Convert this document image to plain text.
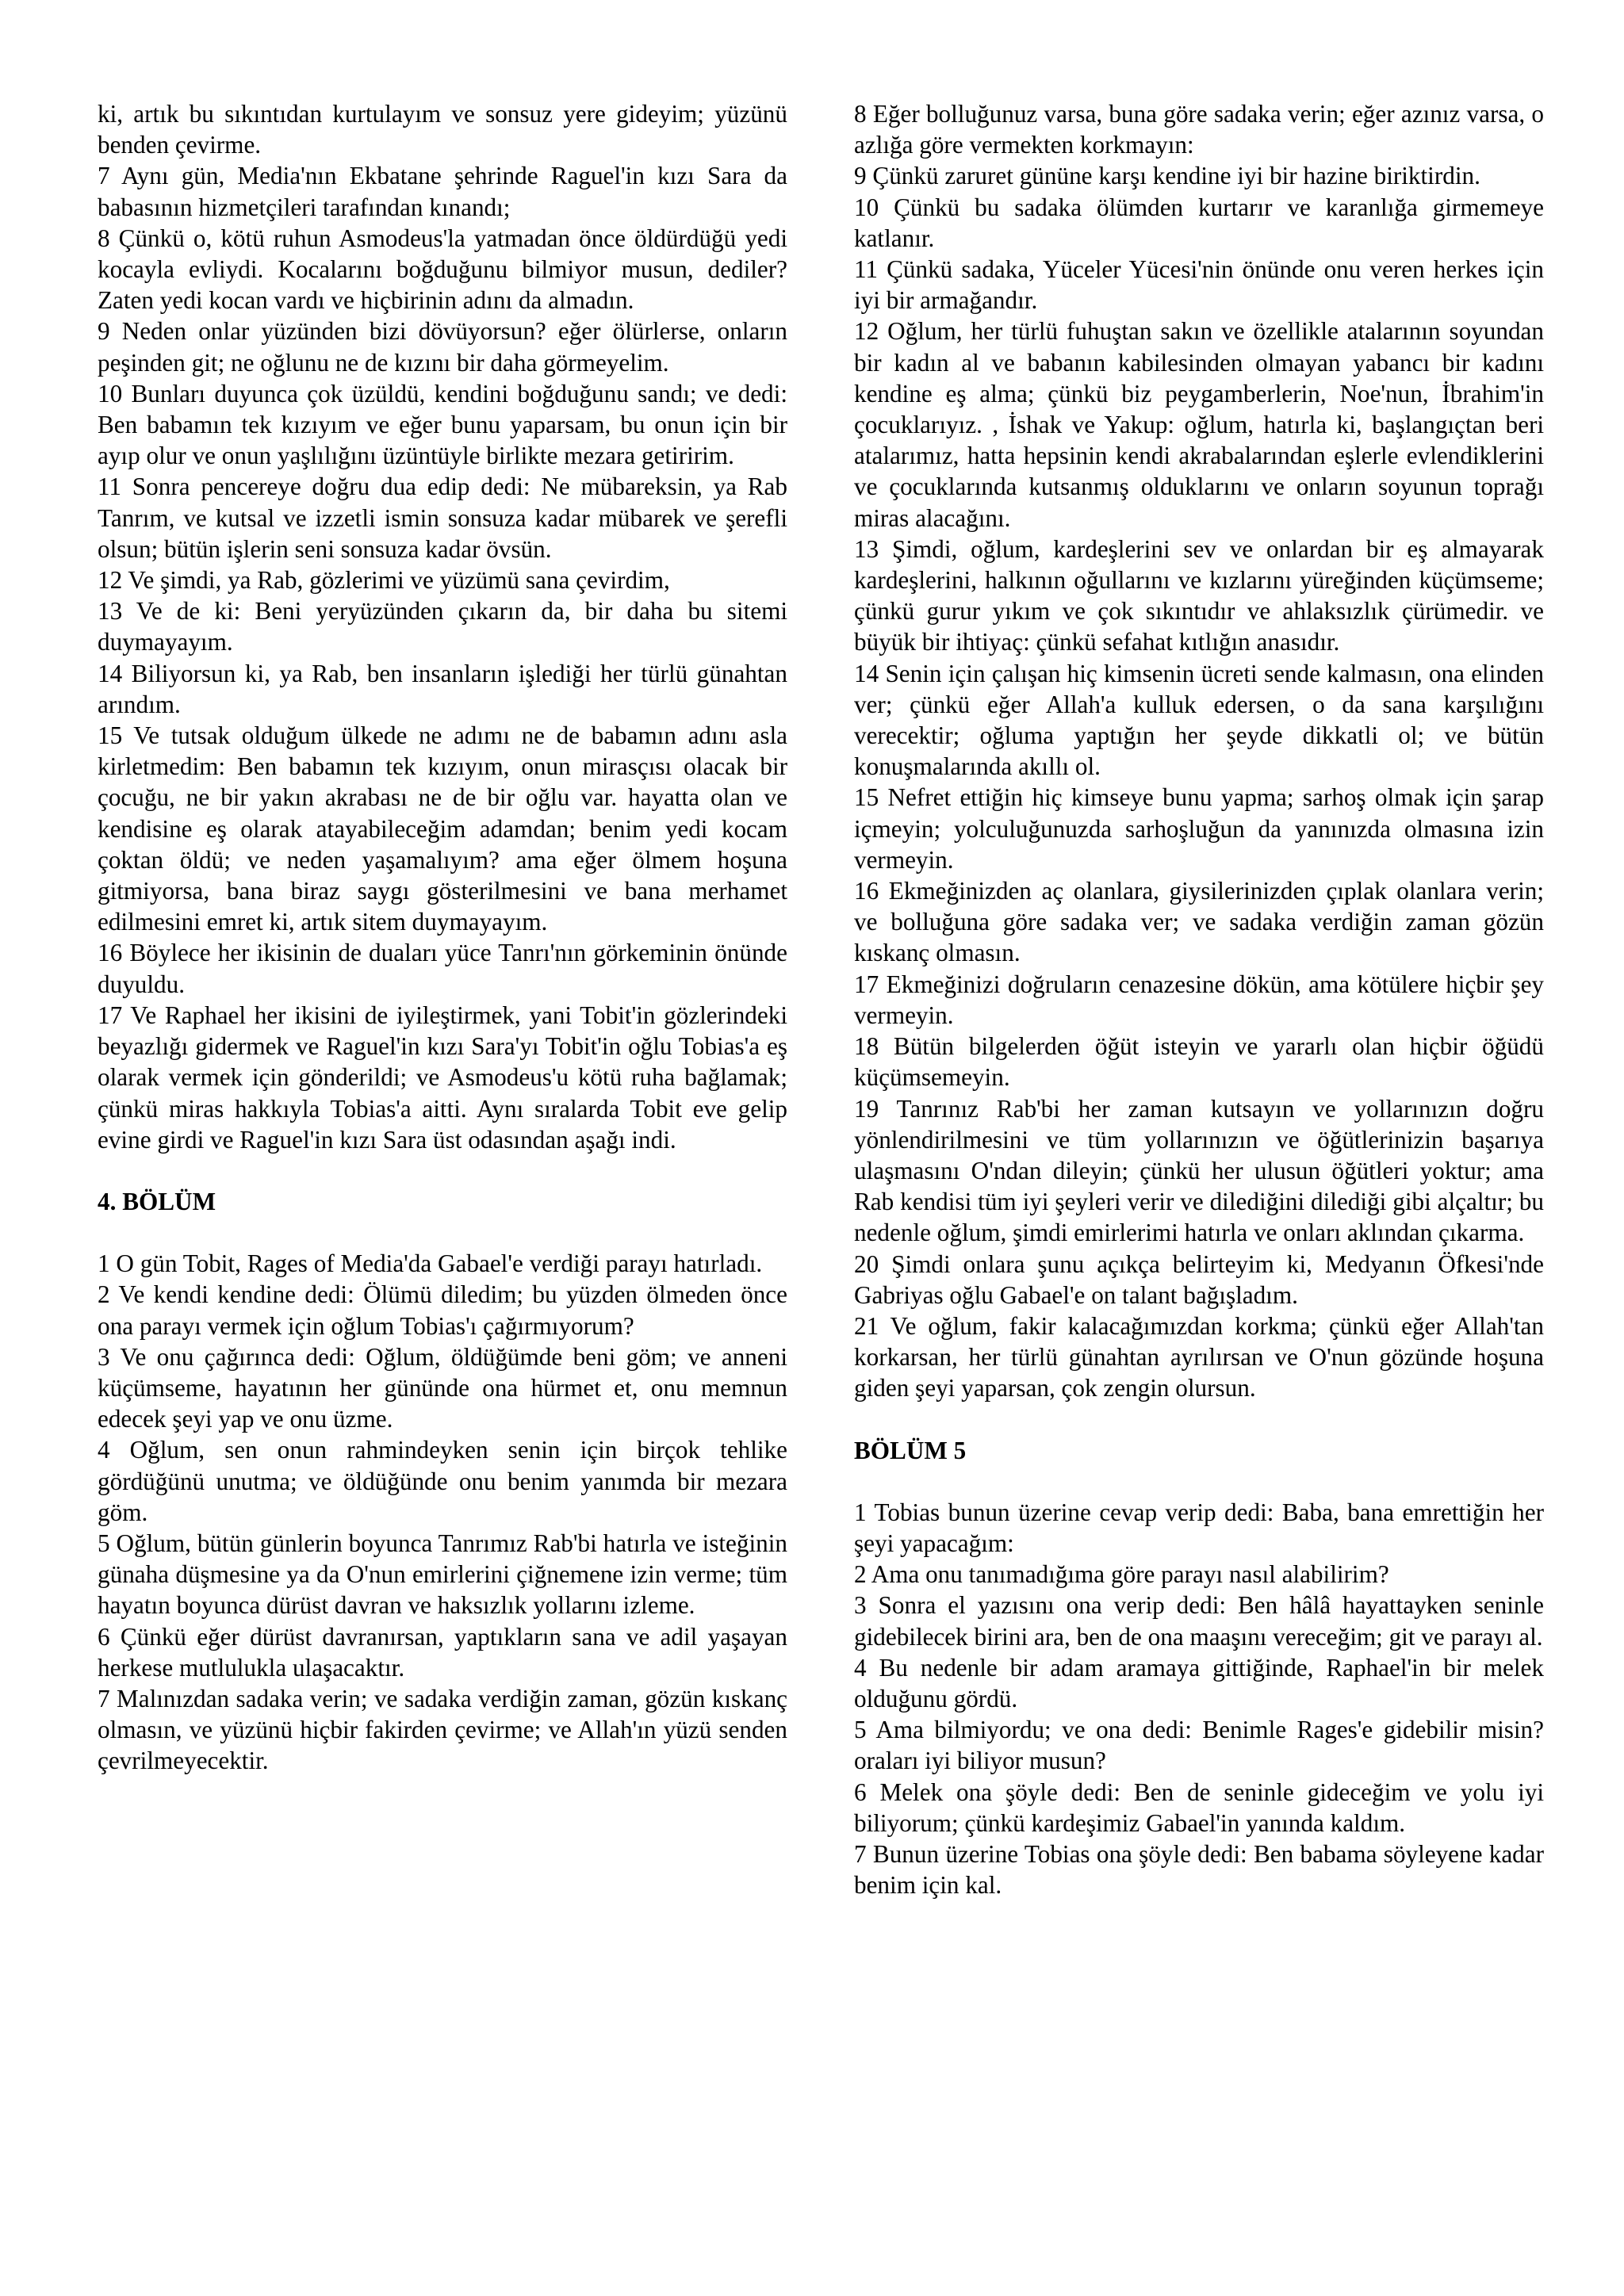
ki, artık bu sıkıntıdan kurtulayım ve sonsuz yere gideyim; yüzünü benden çevirme.

7 Aynı gün, Media'nın Ekbatane şehrinde Raguel'in kızı Sara da babasının hizmetçileri tarafından kınandı;

8 Çünkü o, kötü ruhun Asmodeus'la yatmadan önce öldürdüğü yedi kocayla evliydi. Kocalarını boğduğunu bilmiyor musun, dediler? Zaten yedi kocan vardı ve hiçbirinin adını da almadın.

9 Neden onlar yüzünden bizi dövüyorsun? eğer ölürlerse, onların peşinden git; ne oğlunu ne de kızını bir daha görmeyelim.

10 Bunları duyunca çok üzüldü, kendini boğduğunu sandı; ve dedi: Ben babamın tek kızıyım ve eğer bunu yaparsam, bu onun için bir ayıp olur ve onun yaşlılığını üzüntüyle birlikte mezara getiririm.

11 Sonra pencereye doğru dua edip dedi: Ne mübareksin, ya Rab Tanrım, ve kutsal ve izzetli ismin sonsuza kadar mübarek ve şerefli olsun; bütün işlerin seni sonsuza kadar övsün.

12 Ve şimdi, ya Rab, gözlerimi ve yüzümü sana çevirdim,

13 Ve de ki: Beni yeryüzünden çıkarın da, bir daha bu sitemi duymayayım.

14 Biliyorsun ki, ya Rab, ben insanların işlediği her türlü günahtan arındım.

15 Ve tutsak olduğum ülkede ne adımı ne de babamın adını asla kirletmedim: Ben babamın tek kızıyım, onun mirasçısı olacak bir çocuğu, ne bir yakın akrabası ne de bir oğlu var. hayatta olan ve kendisine eş olarak atayabileceğim adamdan; benim yedi kocam çoktan öldü; ve neden yaşamalıyım? ama eğer ölmem hoşuna gitmiyorsa, bana biraz saygı gösterilmesini ve bana merhamet edilmesini emret ki, artık sitem duymayayım.

16 Böylece her ikisinin de duaları yüce Tanrı'nın görkeminin önünde duyuldu.

17 Ve Raphael her ikisini de iyileştirmek, yani Tobit'in gözlerindeki beyazlığı gidermek ve Raguel'in kızı Sara'yı Tobit'in oğlu Tobias'a eş olarak vermek için gönderildi; ve Asmodeus'u kötü ruha bağlamak; çünkü miras hakkıyla Tobias'a aitti. Aynı sıralarda Tobit eve gelip evine girdi ve Raguel'in kızı Sara üst odasından aşağı indi.

4. BÖLÜM

1 O gün Tobit, Rages of Media'da Gabael'e verdiği parayı hatırladı.

2 Ve kendi kendine dedi: Ölümü diledim; bu yüzden ölmeden önce ona parayı vermek için oğlum Tobias'ı çağırmıyorum?

3 Ve onu çağırınca dedi: Oğlum, öldüğümde beni göm; ve anneni küçümseme, hayatının her gününde ona hürmet et, onu memnun edecek şeyi yap ve onu üzme.

4 Oğlum, sen onun rahmindeyken senin için birçok tehlike gördüğünü unutma; ve öldüğünde onu benim yanımda bir mezara göm.

5 Oğlum, bütün günlerin boyunca Tanrımız Rab'bi hatırla ve isteğinin günaha düşmesine ya da O'nun emirlerini çiğnemene izin verme; tüm hayatın boyunca dürüst davran ve haksızlık yollarını izleme.

6 Çünkü eğer dürüst davranırsan, yaptıkların sana ve adil yaşayan herkese mutlulukla ulaşacaktır.

7 Malınızdan sadaka verin; ve sadaka verdiğin zaman, gözün kıskanç olmasın, ve yüzünü hiçbir fakirden çevirme; ve Allah'ın yüzü senden çevrilmeyecektir.

8 Eğer bolluğunuz varsa, buna göre sadaka verin; eğer azınız varsa, o azlığa göre vermekten korkmayın:

9 Çünkü zaruret gününe karşı kendine iyi bir hazine biriktirdin.

10 Çünkü bu sadaka ölümden kurtarır ve karanlığa girmemeye katlanır.

11 Çünkü sadaka, Yüceler Yücesi'nin önünde onu veren herkes için iyi bir armağandır.

12 Oğlum, her türlü fuhuştan sakın ve özellikle atalarının soyundan bir kadın al ve babanın kabilesinden olmayan yabancı bir kadını kendine eş alma; çünkü biz peygamberlerin, Noe'nun, İbrahim'in çocuklarıyız. , İshak ve Yakup: oğlum, hatırla ki, başlangıçtan beri atalarımız, hatta hepsinin kendi akrabalarından eşlerle evlendiklerini ve çocuklarında kutsanmış olduklarını ve onların soyunun toprağı miras alacağını.

13 Şimdi, oğlum, kardeşlerini sev ve onlardan bir eş almayarak kardeşlerini, halkının oğullarını ve kızlarını yüreğinden küçümseme; çünkü gurur yıkım ve çok sıkıntıdır ve ahlaksızlık çürümedir. ve büyük bir ihtiyaç: çünkü sefahat kıtlığın anasıdır.

14 Senin için çalışan hiç kimsenin ücreti sende kalmasın, ona elinden ver; çünkü eğer Allah'a kulluk edersen, o da sana karşılığını verecektir; oğluma yaptığın her şeyde dikkatli ol; ve bütün konuşmalarında akıllı ol.

15 Nefret ettiğin hiç kimseye bunu yapma; sarhoş olmak için şarap içmeyin; yolculuğunuzda sarhoşluğun da yanınızda olmasına izin vermeyin.

16 Ekmeğinizden aç olanlara, giysilerinizden çıplak olanlara verin; ve bolluğuna göre sadaka ver; ve sadaka verdiğin zaman gözün kıskanç olmasın.

17 Ekmeğinizi doğruların cenazesine dökün, ama kötülere hiçbir şey vermeyin.

18 Bütün bilgelerden öğüt isteyin ve yararlı olan hiçbir öğüdü küçümsemeyin.

19 Tanrınız Rab'bi her zaman kutsayın ve yollarınızın doğru yönlendirilmesini ve tüm yollarınızın ve öğütlerinizin başarıya ulaşmasını O'ndan dileyin; çünkü her ulusun öğütleri yoktur; ama Rab kendisi tüm iyi şeyleri verir ve dilediğini dilediği gibi alçaltır; bu nedenle oğlum, şimdi emirlerimi hatırla ve onları aklından çıkarma.

20 Şimdi onlara şunu açıkça belirteyim ki, Medyanın Öfkesi'nde Gabriyas oğlu Gabael'e on talant bağışladım.

21 Ve oğlum, fakir kalacağımızdan korkma; çünkü eğer Allah'tan korkarsan, her türlü günahtan ayrılırsan ve O'nun gözünde hoşuna giden şeyi yaparsan, çok zengin olursun.

BÖLÜM 5

1 Tobias bunun üzerine cevap verip dedi: Baba, bana emrettiğin her şeyi yapacağım:

2 Ama onu tanımadığıma göre parayı nasıl alabilirim?

3 Sonra el yazısını ona verip dedi: Ben hâlâ hayattayken seninle gidebilecek birini ara, ben de ona maaşını vereceğim; git ve parayı al.

4 Bu nedenle bir adam aramaya gittiğinde, Raphael'in bir melek olduğunu gördü.

5 Ama bilmiyordu; ve ona dedi: Benimle Rages'e gidebilir misin? oraları iyi biliyor musun?

6 Melek ona şöyle dedi: Ben de seninle gideceğim ve yolu iyi biliyorum; çünkü kardeşimiz Gabael'in yanında kaldım.

7 Bunun üzerine Tobias ona şöyle dedi: Ben babama söyleyene kadar benim için kal.
